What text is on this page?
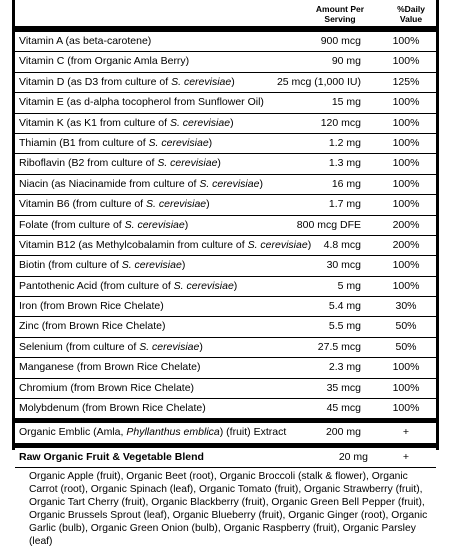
Amount Per
Serving
%Daily
Value
Vitamin A (as beta-carotene)	900 mcg	100%
Vitamin C (from Organic Amla Berry)	90 mg	100%
Vitamin D (as D3 from culture of S. cerevisiae)	25 mcg (1,000 IU)	125%
Vitamin E (as d-alpha tocopherol from Sunflower Oil)	15 mg	100%
Vitamin K (as K1 from culture of S. cerevisiae)	120 mcg	100%
Thiamin (B1 from culture of S. cerevisiae)	1.2 mg	100%
Riboflavin (B2 from culture of S. cerevisiae)	1.3 mg	100%
Niacin (as Niacinamide from culture of S. cerevisiae)	16 mg	100%
Vitamin B6 (from culture of S. cerevisiae)	1.7 mg	100%
Folate (from culture of S. cerevisiae)	800 mcg DFE	200%
Vitamin B12 (as Methylcobalamin from culture of S. cerevisiae) 4.8 mcg	200%
Biotin (from culture of S. cerevisiae)	30 mcg	100%
Pantothenic Acid (from culture of S. cerevisiae)	5 mg	100%
Iron (from Brown Rice Chelate)	5.4 mg	30%
Zinc (from Brown Rice Chelate)	5.5 mg	50%
Selenium (from culture of S. cerevisiae)	27.5 mcg	50%
Manganese (from Brown Rice Chelate)	2.3 mg	100%
Chromium (from Brown Rice Chelate)	35 mcg	100%
Molybdenum (from Brown Rice Chelate)	45 mcg	100%
Organic Emblic (Amla, Phyllanthus emblica) (fruit) Extract	200 mg	+
Raw Organic Fruit & Vegetable Blend	20 mg	+
Organic Apple (fruit), Organic Beet (root), Organic Broccoli (stalk & flower), Organic Carrot (root), Organic Spinach (leaf), Organic Tomato (fruit), Organic Strawberry (fruit), Organic Tart Cherry (fruit), Organic Blackberry (fruit), Organic Green Bell Pepper (fruit), Organic Brussels Sprout (leaf), Organic Blueberry (fruit), Organic Ginger (root), Organic Garlic (bulb), Organic Green Onion (bulb), Organic Raspberry (fruit), Organic Parsley (leaf)
